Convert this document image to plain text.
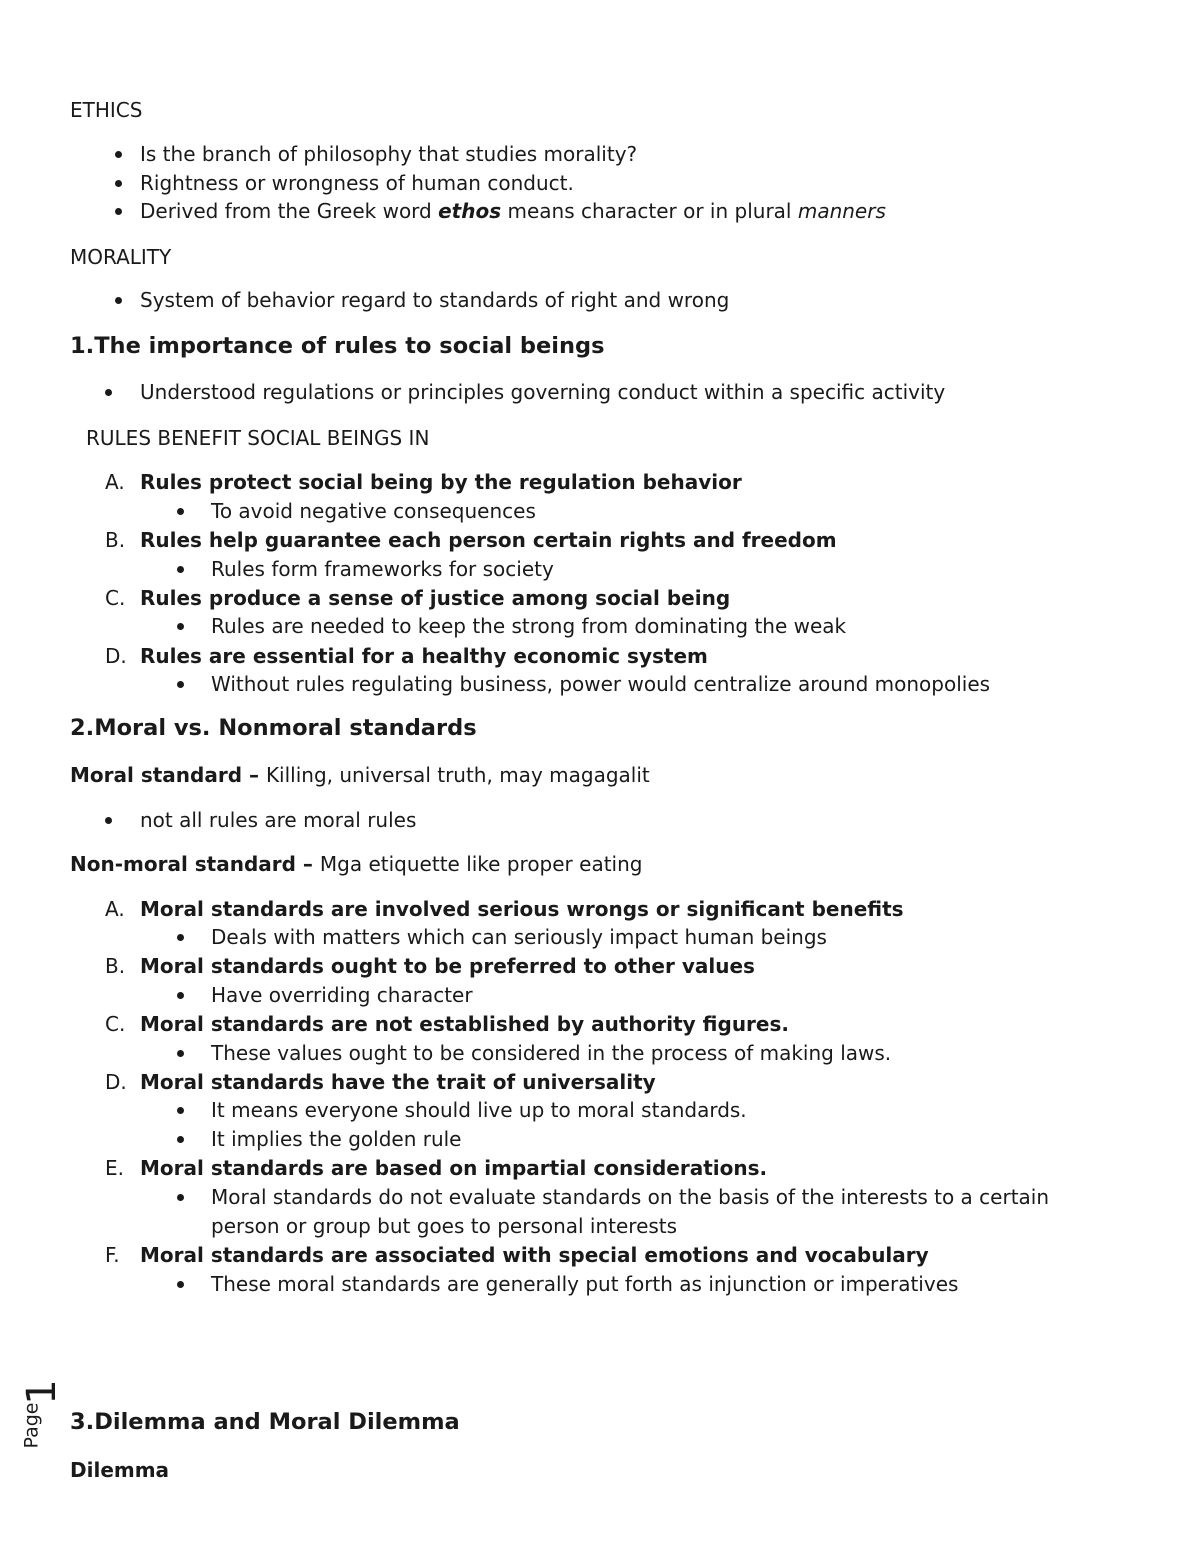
ETHICS
Is the branch of philosophy that studies morality?
Rightness or wrongness of human conduct.
Derived from the Greek word ethos means character or in plural manners
MORALITY
System of behavior regard to standards of right and wrong
1.The importance of rules to social beings
Understood regulations or principles governing conduct within a specific activity
RULES BENEFIT SOCIAL BEINGS IN
A. Rules protect social being by the regulation behavior
To avoid negative consequences
B. Rules help guarantee each person certain rights and freedom
Rules form frameworks for society
C. Rules produce a sense of justice among social being
Rules are needed to keep the strong from dominating the weak
D. Rules are essential for a healthy economic system
Without rules regulating business, power would centralize around monopolies
2.Moral vs. Nonmoral standards
Moral standard – Killing, universal truth, may magagalit
not all rules are moral rules
Non-moral standard – Mga etiquette like proper eating
A. Moral standards are involved serious wrongs or significant benefits
Deals with matters which can seriously impact human beings
B. Moral standards ought to be preferred to other values
Have overriding character
C. Moral standards are not established by authority figures.
These values ought to be considered in the process of making laws.
D. Moral standards have the trait of universality
It means everyone should live up to moral standards.
It implies the golden rule
E. Moral standards are based on impartial considerations.
Moral standards do not evaluate standards on the basis of the interests to a certain
person or group but goes to personal interests
F. Moral standards are associated with special emotions and vocabulary
These moral standards are generally put forth as injunction or imperatives
3.Dilemma and Moral Dilemma
Dilemma
Page
1
